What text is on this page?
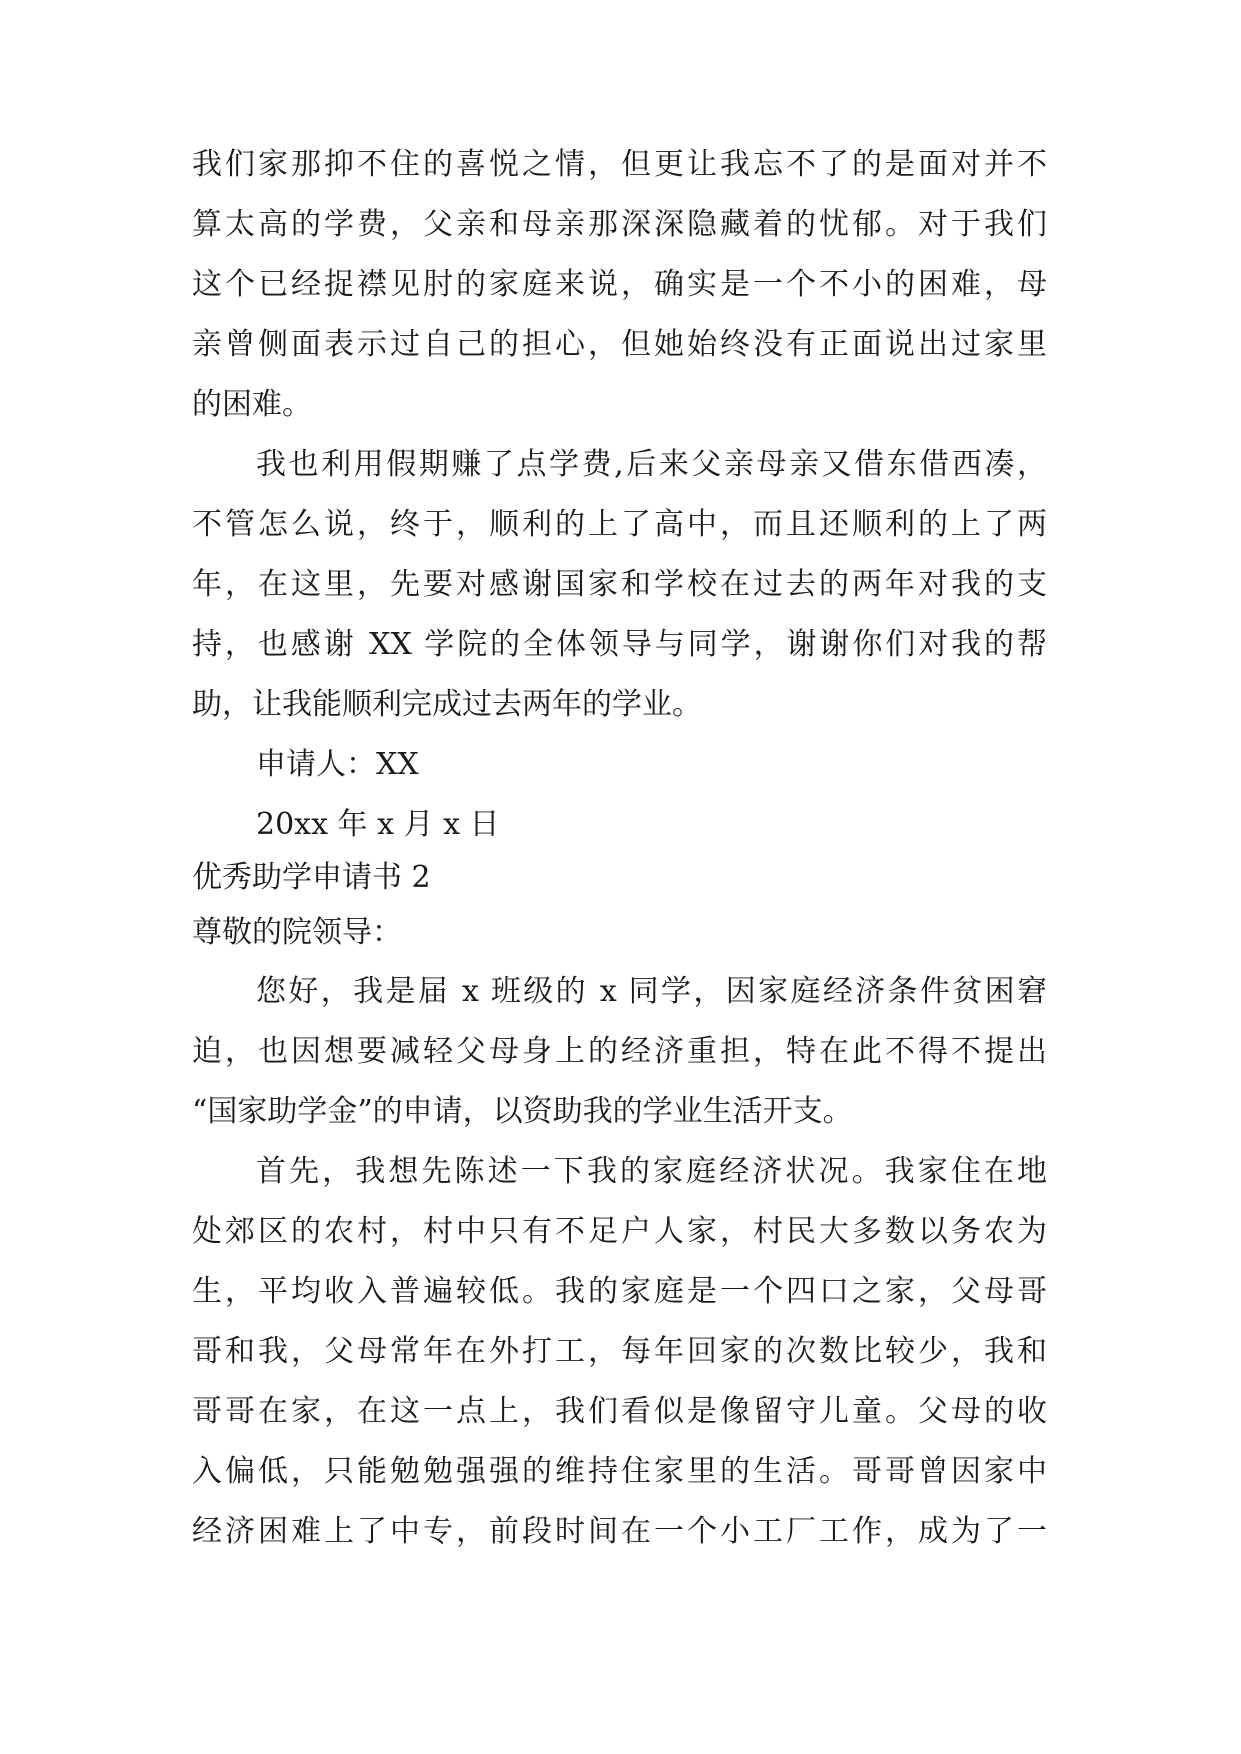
我们家那抑不住的喜悦之情，但更让我忘不了的是面对并不
算太高的学费，父亲和母亲那深深隐藏着的忧郁。对于我们
这个已经捉襟见肘的家庭来说，确实是一个不小的困难，母
亲曾侧面表示过自己的担心，但她始终没有正面说出过家里
的困难。
我也利用假期赚了点学费,后来父亲母亲又借东借西凑，
不管怎么说，终于，顺利的上了高中，而且还顺利的上了两
年，在这里，先要对感谢国家和学校在过去的两年对我的支
持，也感谢 XX 学院的全体领导与同学，谢谢你们对我的帮
助，让我能顺利完成过去两年的学业。
申请人：XX
20xx 年 x 月 x 日
优秀助学申请书 2
尊敬的院领导：
您好，我是届 x 班级的 x 同学，因家庭经济条件贫困窘
迫，也因想要减轻父母身上的经济重担，特在此不得不提出
“国家助学金”的申请，以资助我的学业生活开支。
首先，我想先陈述一下我的家庭经济状况。我家住在地
处郊区的农村，村中只有不足户人家，村民大多数以务农为
生，平均收入普遍较低。我的家庭是一个四口之家，父母哥
哥和我，父母常年在外打工，每年回家的次数比较少，我和
哥哥在家，在这一点上，我们看似是像留守儿童。父母的收
入偏低，只能勉勉强强的维持住家里的生活。哥哥曾因家中
经济困难上了中专，前段时间在一个小工厂工作，成为了一
